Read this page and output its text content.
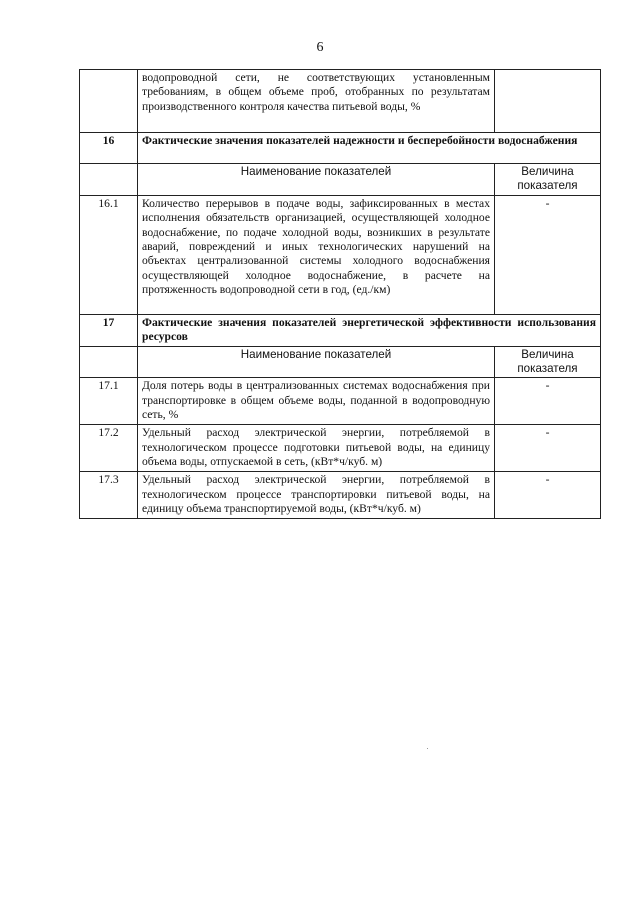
6
	водопроводной сети, не соответствующих установленным требованиям, в общем объеме проб, отобранных по результатам производственного контроля качества питьевой воды, %	
16	Фактические значения показателей надежности и бесперебойности водоснабжения	
	Наименование показателей	Величина показателя
16.1	Количество перерывов в подаче воды, зафиксированных в местах исполнения обязательств организацией, осуществляющей холодное водоснабжение, по подаче холодной воды, возникших в результате аварий, повреждений и иных технологических нарушений на объектах централизованной системы холодного водоснабжения осуществляющей холодное водоснабжение, в расчете на протяженность водопроводной сети в год, (ед./км)	-
17	Фактические значения показателей энергетической эффективности использования ресурсов	
	Наименование показателей	Величина показателя
17.1	Доля потерь воды в централизованных системах водоснабжения при транспортировке в общем объеме воды, поданной в водопроводную сеть, %	-
17.2	Удельный расход электрической энергии, потребляемой в технологическом процессе подготовки питьевой воды, на единицу объема воды, отпускаемой в сеть, (кВт*ч/куб. м)	-
17.3	Удельный расход электрической энергии, потребляемой в технологическом процессе транспортировки питьевой воды, на единицу объема транспортируемой воды, (кВт*ч/куб. м)	-
